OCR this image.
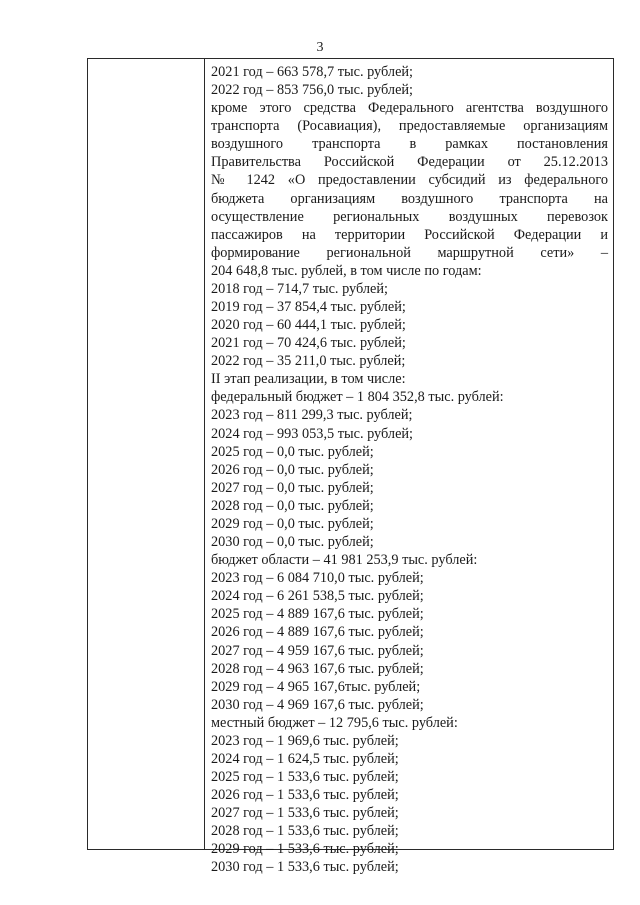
3
2021 год – 663 578,7 тыс. рублей;
2022 год – 853 756,0 тыс. рублей;
кроме этого средства Федерального агентства воздушного
транспорта (Росавиация), предоставляемые организациям
воздушного транспорта в рамках постановления
Правительства Российской Федерации от 25.12.2013
№ 1242 «О предоставлении субсидий из федерального
бюджета организациям воздушного транспорта на
осуществление региональных воздушных перевозок
пассажиров на территории Российской Федерации и
формирование региональной маршрутной сети» –
204 648,8 тыс. рублей, в том числе по годам:
2018 год – 714,7 тыс. рублей;
2019 год – 37 854,4 тыс. рублей;
2020 год – 60 444,1 тыс. рублей;
2021 год – 70 424,6 тыс. рублей;
2022 год – 35 211,0 тыс. рублей;
II этап реализации, в том числе:
федеральный бюджет – 1 804 352,8 тыс. рублей:
2023 год – 811 299,3 тыс. рублей;
2024 год – 993 053,5 тыс. рублей;
2025 год – 0,0 тыс. рублей;
2026 год – 0,0 тыс. рублей;
2027 год – 0,0 тыс. рублей;
2028 год – 0,0 тыс. рублей;
2029 год – 0,0 тыс. рублей;
2030 год – 0,0 тыс. рублей;
бюджет области – 41 981 253,9 тыс. рублей:
2023 год – 6 084 710,0 тыс. рублей;
2024 год – 6 261 538,5 тыс. рублей;
2025 год – 4 889 167,6 тыс. рублей;
2026 год – 4 889 167,6 тыс. рублей;
2027 год – 4 959 167,6 тыс. рублей;
2028 год – 4 963 167,6 тыс. рублей;
2029 год – 4 965 167,6тыс. рублей;
2030 год – 4 969 167,6 тыс. рублей;
местный бюджет – 12 795,6 тыс. рублей:
2023 год – 1 969,6 тыс. рублей;
2024 год – 1 624,5 тыс. рублей;
2025 год – 1 533,6 тыс. рублей;
2026 год – 1 533,6 тыс. рублей;
2027 год – 1 533,6 тыс. рублей;
2028 год – 1 533,6 тыс. рублей;
2029 год – 1 533,6 тыс. рублей;
2030 год – 1 533,6 тыс. рублей;
